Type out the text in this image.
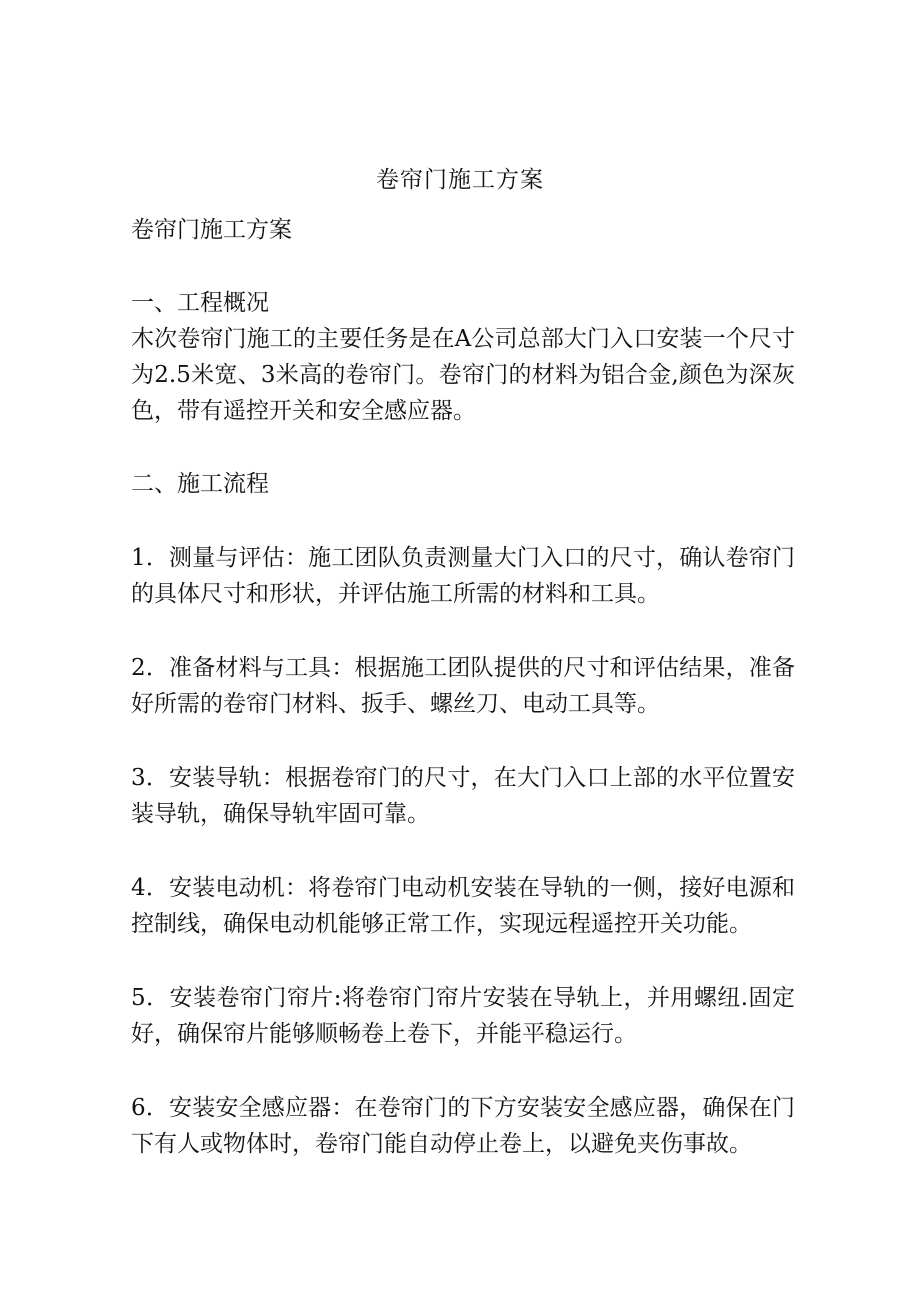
卷帘门施工方案

卷帘门施工方案

一、工程概况

木次卷帘门施工的主要任务是在A公司总部大门入口安装一个尺寸为2.5米宽、3米高的卷帘门。卷帘门的材料为铝合金,颜色为深灰色，带有遥控开关和安全感应器。

二、施工流程

1．测量与评估：施工团队负责测量大门入口的尺寸，确认卷帘门的具体尺寸和形状，并评估施工所需的材料和工具。

2．准备材料与工具：根据施工团队提供的尺寸和评估结果，准备好所需的卷帘门材料、扳手、螺丝刀、电动工具等。

3．安装导轨：根据卷帘门的尺寸，在大门入口上部的水平位置安装导轨，确保导轨牢固可靠。

4．安装电动机：将卷帘门电动机安装在导轨的一侧，接好电源和控制线，确保电动机能够正常工作，实现远程遥控开关功能。

5．安装卷帘门帘片:将卷帘门帘片安装在导轨上，并用螺纽.固定好，确保帘片能够顺畅卷上卷下，并能平稳运行。

6．安装安全感应器：在卷帘门的下方安装安全感应器，确保在门下有人或物体时，卷帘门能自动停止卷上，以避免夹伤事故。
